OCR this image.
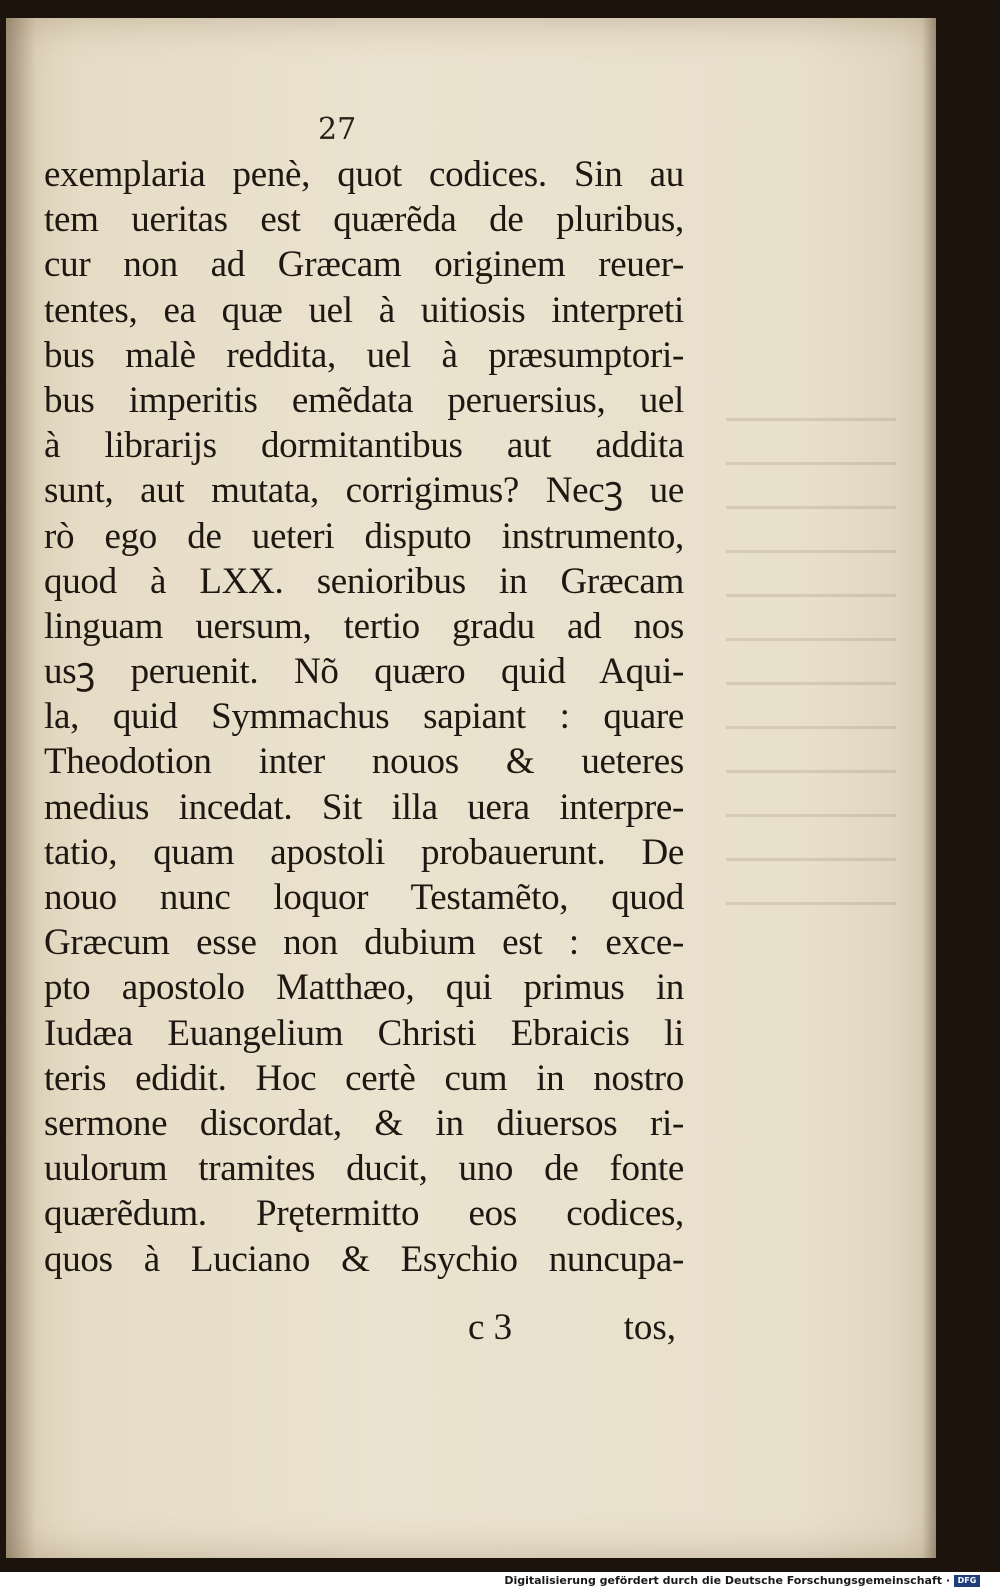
27
exemplaria penè, quot codices. Sin au
tem ueritas est quærẽda de pluribus,
cur non ad Græcam originem reuer-
tentes, ea quæ uel à uitiosis interpreti
bus malè reddita, uel à præsumptori-
bus imperitis emẽdata peruersius, uel
à librarijs dormitantibus aut addita
sunt, aut mutata, corrigimus? Necꝫ ue
rò ego de ueteri disputo instrumento,
quod à LXX. senioribus in Græcam
linguam uersum, tertio gradu ad nos
usꝫ peruenit. Nõ quæro quid Aqui-
la, quid Symmachus sapiant : quare
Theodotion inter nouos & ueteres
medius incedat. Sit illa uera interpre-
tatio, quam apostoli probauerunt. De
nouo nunc loquor Testamẽto, quod
Græcum esse non dubium est : exce-
pto apostolo Matthæo, qui primus in
Iudæa Euangelium Christi Ebraicis li
teris edidit. Hoc certè cum in nostro
sermone discordat, & in diuersos ri-
uulorum tramites ducit, uno de fonte
quærẽdum. Prętermitto eos codices,
quos à Luciano & Esychio nuncupa-
c 3	tos,
Digitalisierung gefördert durch die Deutsche Forschungsgemeinschaft · DFG
